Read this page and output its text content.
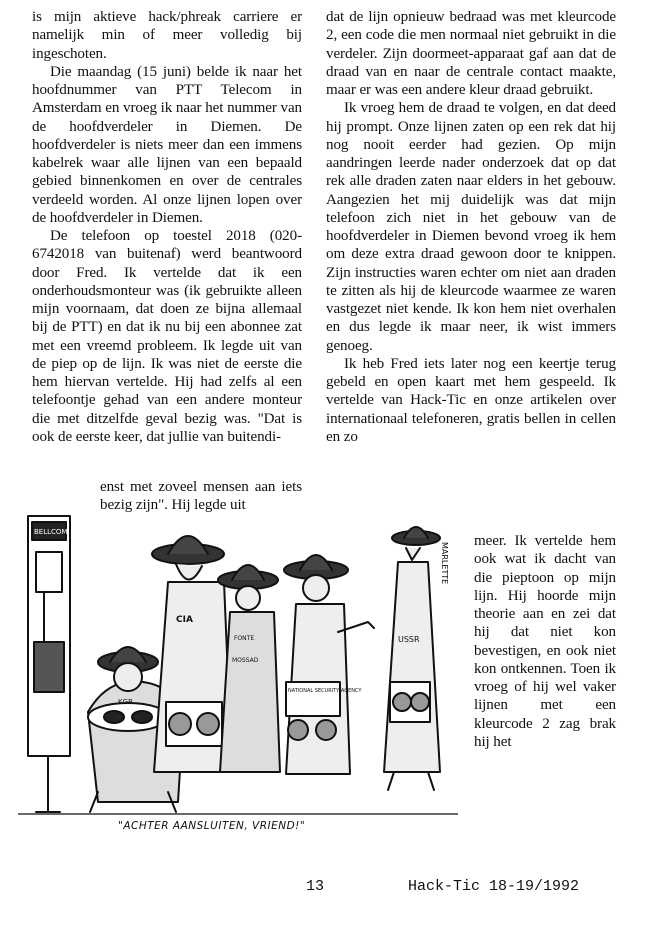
is mijn aktieve hack/phreak carriere er namelijk min of meer volledig bij ingeschoten.

Die maandag (15 juni) belde ik naar het hoofdnummer van PTT Telecom in Amsterdam en vroeg ik naar het nummer van de hoofdverdeler in Diemen. De hoofdverdeler is niets meer dan een immens kabelrek waar alle lijnen van een bepaald gebied binnenkomen en over de centrales verdeeld worden. Al onze lijnen lopen over de hoofdverdeler in Diemen.

De telefoon op toestel 2018 (020-6742018 van buitenaf) werd beantwoord door Fred. Ik vertelde dat ik een onderhoudsmonteur was (ik gebruikte alleen mijn voornaam, dat doen ze bijna allemaal bij de PTT) en dat ik nu bij een abonnee zat met een vreemd probleem. Ik legde uit van de piep op de lijn. Ik was niet de eerste die hem hiervan vertelde. Hij had zelfs al een telefoontje gehad van een andere monteur die met ditzelfde geval bezig was. "Dat is ook de eerste keer, dat jullie van buitendi-

enst met zoveel mensen aan iets bezig zijn". Hij legde uit

dat de lijn opnieuw bedraad was met kleurcode 2, een code die men normaal niet gebruikt in die verdeler. Zijn doormeet-apparaat gaf aan dat de draad van en naar de centrale contact maakte, maar er was een andere kleur draad gebruikt.

Ik vroeg hem de draad te volgen, en dat deed hij prompt. Onze lijnen zaten op een rek dat hij nog nooit eerder had gezien. Op mijn aandringen leerde nader onderzoek dat op dat rek alle draden zaten naar elders in het gebouw. Aangezien het mij duidelijk was dat mijn telefoon zich niet in het gebouw van de hoofdverdeler in Diemen bevond vroeg ik hem om deze extra draad gewoon door te knippen. Zijn instructies waren echter om niet aan draden te zitten als hij de kleurcode waarmee ze waren vastgezet niet kende. Ik kon hem niet overhalen en dus legde ik maar neer, ik wist immers genoeg.

Ik heb Fred iets later nog een keertje terug gebeld en open kaart met hem gespeeld. Ik vertelde van Hack-Tic en onze artikelen over internationaal telefoneren, gratis bellen in cellen en zo

meer. Ik vertelde hem ook wat ik dacht van die pieptoon op mijn lijn. Hij hoorde mijn theorie aan en zei dat hij dat niet kon bevestigen, en ook niet kon ontkennen. Toen ik vroeg of hij wel vaker lijnen met een kleurcode 2 zag brak hij het

BELLCOM
KGB
CIA
MOSSAD
FONTE
NATIONAL SECURITY AGENCY
USSR
MARLETTE
"ACHTER AANSLUITEN, VRIEND!"
13	Hack-Tic 18-19/1992
